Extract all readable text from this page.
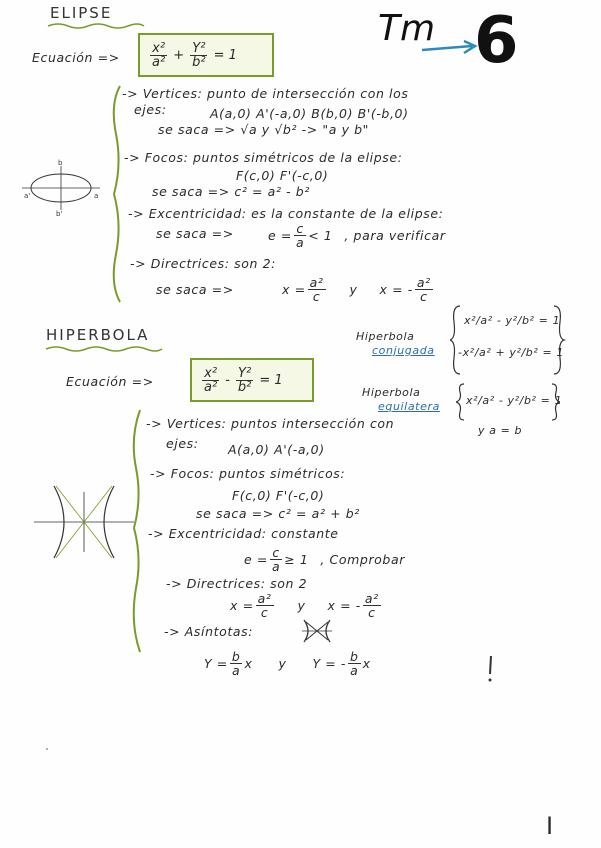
Tm 6
ELIPSE
Ecuación => $\frac{\text{x²}}{\text{a²}} + \frac{\text{Y²}}{\text{b²}} = 1$
a'	a
b
b'
-> Vertices: punto de intersección con los
ejes:	A(a,0) A'(-a,0) B(b,0) B'(-b,0)
se saca => √a y √b² -> "a y b"
-> Focos: puntos simétricos de la elipse:
F(c,0) F'(-c,0)
se saca => c² = a² - b²
-> Excentricidad: es la constante de la elipse:
se saca =>	$e = \frac{c}{a} < 1$ , para verificar
-> Directrices: son 2:
se saca =>	$x = \frac{\text{a²}}{c}$ y x = - $\frac{\text{a²}}{c}$
HIPERBOLA
Ecuación =>	$\frac{\text{x²}}{\text{a²}} - \frac{\text{Y²}}{\text{b²}} = 1$
Hiperbola
conjugada
x²/a² - y²/b² = 1
-x²/a² + y²/b² = 1
Hiperbola
equilatera x²/a² - y²/b² = 1
y a = b
-> Vertices: puntos intersección con
ejes: A(a,0) A'(-a,0)
-> Focos: puntos simétricos:
F(c,0) F'(-c,0)
se saca => c² = a² + b²
-> Excentricidad: constante
$e = \frac{c}{a} \ge 1$ , Comprobar
-> Directrices: son 2
$x = \frac{\text{a²}}{c}$ y x = - $\frac{\text{a²}}{c}$
-> Asíntotas:
$Y = \frac{b}{a}$ x y Y = - $\frac{b}{a}$ x
I
